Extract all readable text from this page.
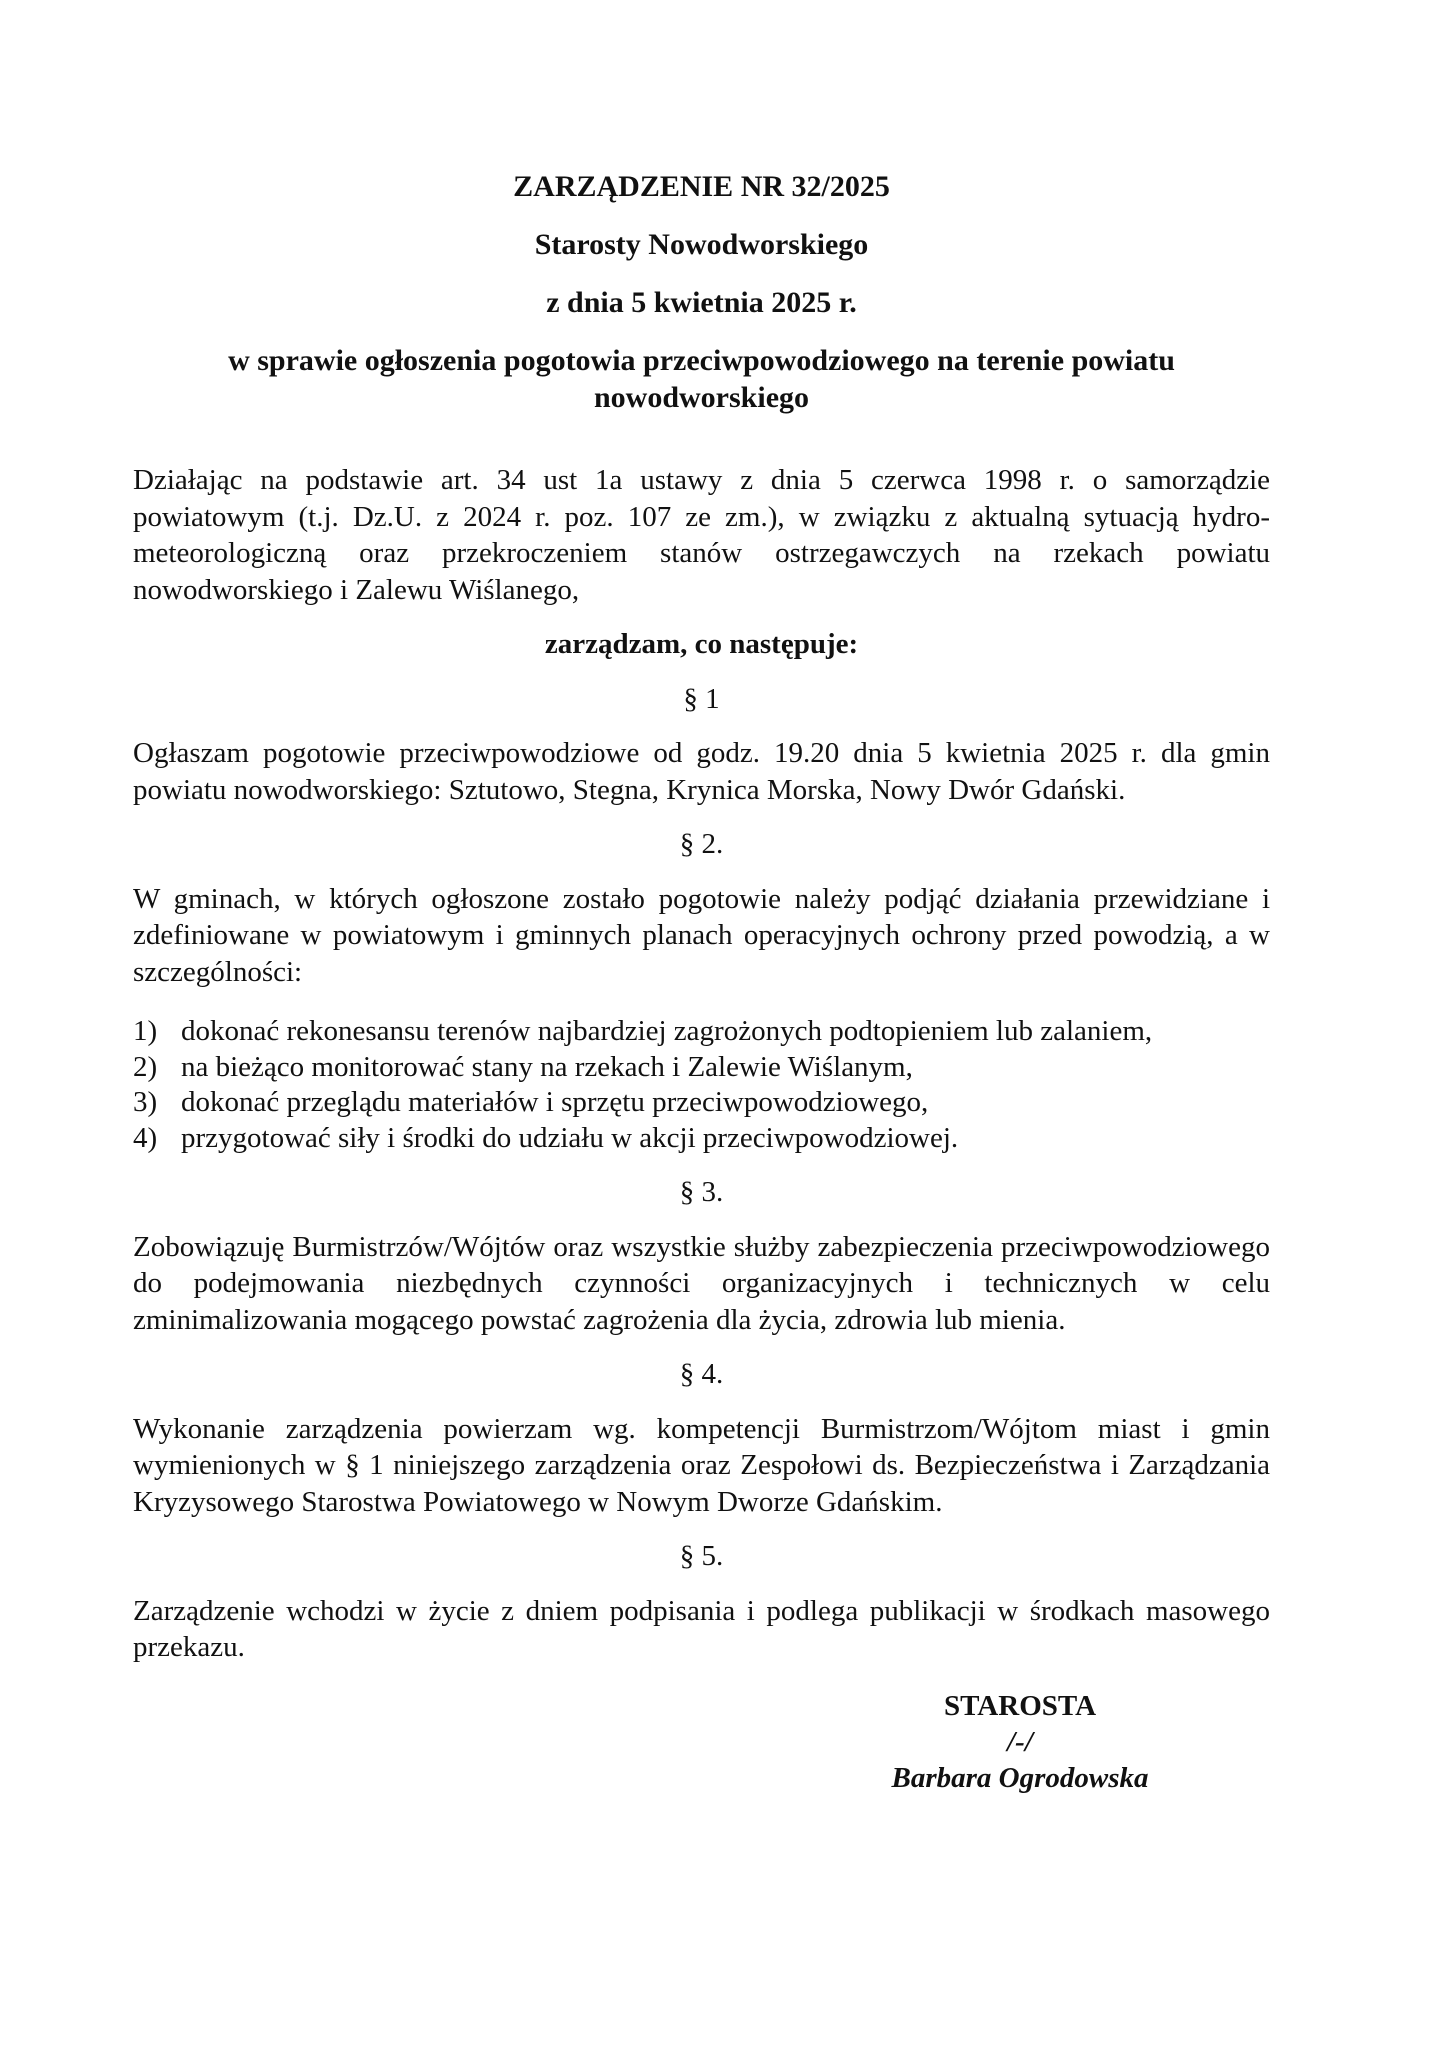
ZARZĄDZENIE NR 32/2025
Starosty Nowodworskiego
z dnia 5 kwietnia 2025 r.
w sprawie ogłoszenia pogotowia przeciwpowodziowego na terenie powiatu nowodworskiego

Działając na podstawie art. 34 ust 1a ustawy z dnia 5 czerwca 1998 r. o samorządzie powiatowym (t.j. Dz.U. z 2024 r. poz. 107 ze zm.), w związku z aktualną sytuacją hydro-meteorologiczną oraz przekroczeniem stanów ostrzegawczych na rzekach powiatu nowodworskiego i Zalewu Wiślanego,

zarządzam, co następuje:
§ 1

Ogłaszam pogotowie przeciwpowodziowe od godz. 19.20 dnia 5 kwietnia 2025 r. dla gmin powiatu nowodworskiego: Sztutowo, Stegna, Krynica Morska, Nowy Dwór Gdański.

§ 2.

W gminach, w których ogłoszone zostało pogotowie należy podjąć działania przewidziane i zdefiniowane w powiatowym i gminnych planach operacyjnych ochrony przed powodzią, a w szczególności:

1) dokonać rekonesansu terenów najbardziej zagrożonych podtopieniem lub zalaniem,
2) na bieżąco monitorować stany na rzekach i Zalewie Wiślanym,
3) dokonać przeglądu materiałów i sprzętu przeciwpowodziowego,
4) przygotować siły i środki do udziału w akcji przeciwpowodziowej.
§ 3.

Zobowiązuję Burmistrzów/Wójtów oraz wszystkie służby zabezpieczenia przeciwpowodziowego do podejmowania niezbędnych czynności organizacyjnych i technicznych w celu zminimalizowania mogącego powstać zagrożenia dla życia, zdrowia lub mienia.

§ 4.

Wykonanie zarządzenia powierzam wg. kompetencji Burmistrzom/Wójtom miast i gmin wymienionych w § 1 niniejszego zarządzenia oraz Zespołowi ds. Bezpieczeństwa i Zarządzania Kryzysowego Starostwa Powiatowego w Nowym Dworze Gdańskim.

§ 5.

Zarządzenie wchodzi w życie z dniem podpisania i podlega publikacji w środkach masowego przekazu.

STAROSTA
/-/
Barbara Ogrodowska
